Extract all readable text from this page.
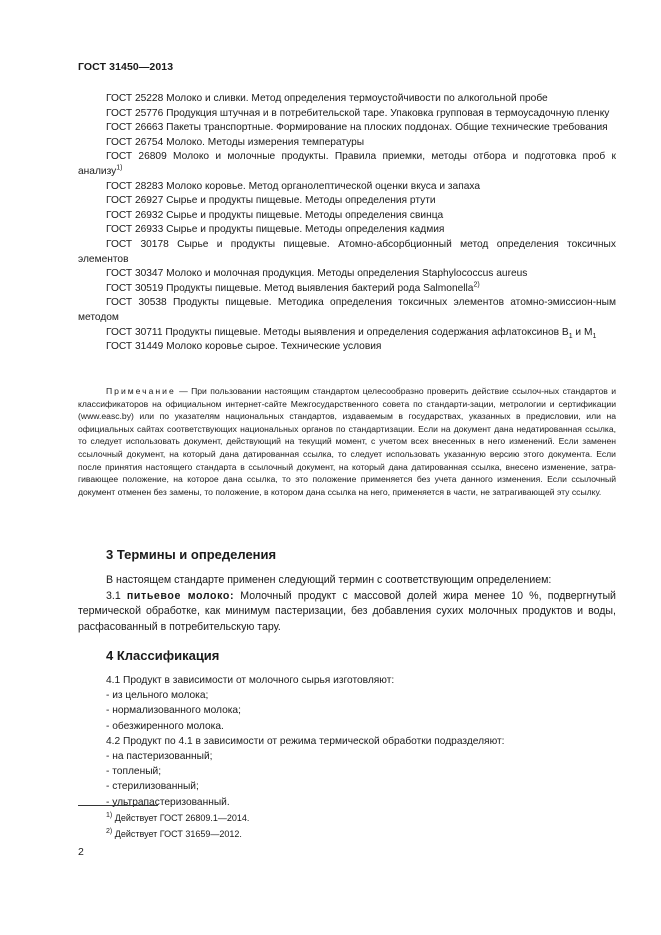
ГОСТ 31450—2013
ГОСТ 25228 Молоко и сливки. Метод определения термоустойчивости по алкогольной пробе
ГОСТ 25776 Продукция штучная и в потребительской таре. Упаковка групповая в термоусадочную пленку
ГОСТ 26663 Пакеты транспортные. Формирование на плоских поддонах. Общие технические требования
ГОСТ 26754 Молоко. Методы измерения температуры
ГОСТ 26809 Молоко и молочные продукты. Правила приемки, методы отбора и подготовка проб к анализу$^{1)}$
ГОСТ 28283 Молоко коровье. Метод органолептической оценки вкуса и запаха
ГОСТ 26927 Сырье и продукты пищевые. Методы определения ртути
ГОСТ 26932 Сырье и продукты пищевые. Методы определения свинца
ГОСТ 26933 Сырье и продукты пищевые. Методы определения кадмия
ГОСТ 30178 Сырье и продукты пищевые. Атомно-абсорбционный метод определения токсичных элементов
ГОСТ 30347 Молоко и молочная продукция. Методы определения Staphylococcus aureus
ГОСТ 30519 Продукты пищевые. Метод выявления бактерий рода Salmonella$^{2)}$
ГОСТ 30538 Продукты пищевые. Методика определения токсичных элементов атомно-эмиссион-ным методом
ГОСТ 30711 Продукты пищевые. Методы выявления и определения содержания афлатоксинов $В_1$ и $М_1$
ГОСТ 31449 Молоко коровье сырое. Технические условия
Примечание — При пользовании настоящим стандартом целесообразно проверить действие ссылоч-ных стандартов и классификаторов на официальном интернет-сайте Межгосударственного совета по стандарти-зации, метрологии и сертификации (www.easc.by) или по указателям национальных стандартов, издаваемым в государствах, указанных в предисловии, или на официальных сайтах соответствующих национальных органов по стандартизации. Если на документ дана недатированная ссылка, то следует использовать документ, действующий на текущий момент, с учетом всех внесенных в него изменений. Если заменен ссылочный документ, на который дана датированная ссылка, то следует использовать указанную версию этого документа. Если после принятия настоящего стандарта в ссылочный документ, на который дана датированная ссылка, внесено изменение, затра-гивающее положение, на которое дана ссылка, то это положение применяется без учета данного изменения. Если ссылочный документ отменен без замены, то положение, в котором дана ссылка на него, применяется в части, не затрагивающей эту ссылку.
3 Термины и определения
В настоящем стандарте применен следующий термин с соответствующим определением:
3.1 питьевое молоко: Молочный продукт с массовой долей жира менее 10 %, подвергнутый термической обработке, как минимум пастеризации, без добавления сухих молочных продуктов и воды, расфасованный в потребительскую тару.
4 Классификация
4.1 Продукт в зависимости от молочного сырья изготовляют:
- из цельного молока;
- нормализованного молока;
- обезжиренного молока.
4.2 Продукт по 4.1 в зависимости от режима термической обработки подразделяют:
- на пастеризованный;
- топленый;
- стерилизованный;
- ультрапастеризованный.
$^{1)}$ Действует ГОСТ 26809.1—2014.
$^{2)}$ Действует ГОСТ 31659—2012.
2
